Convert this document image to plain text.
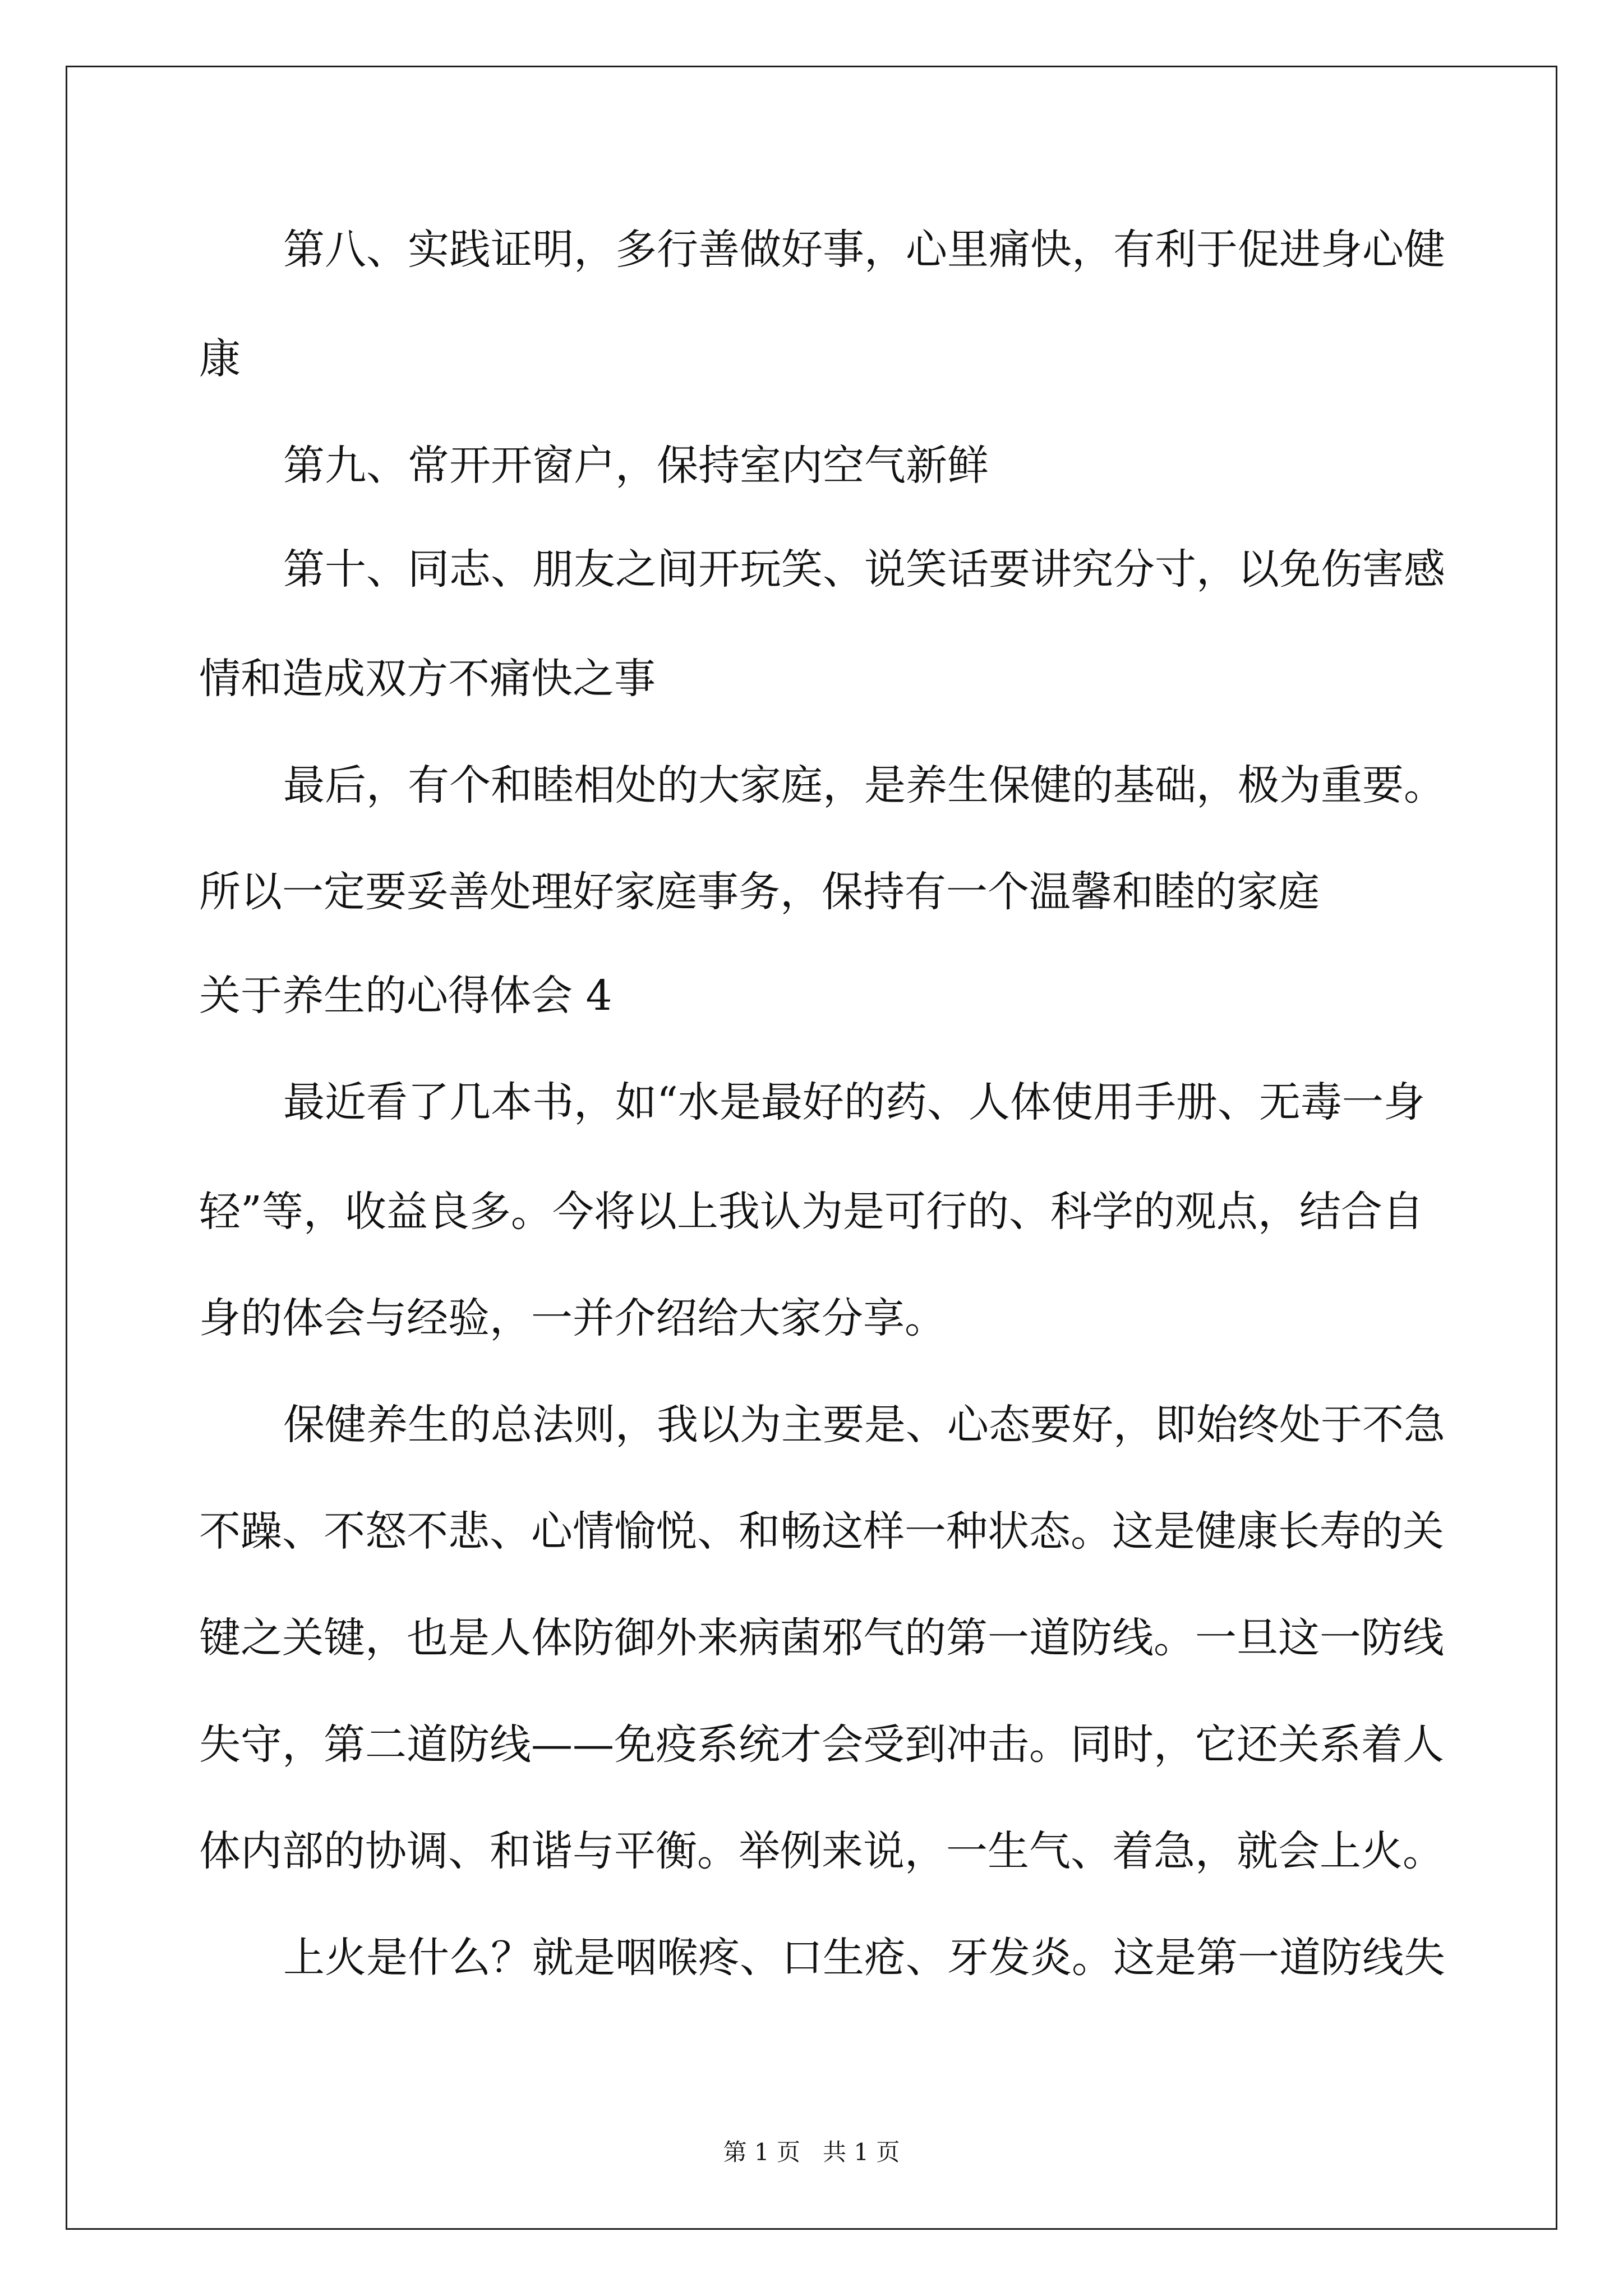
第八、实践证明，多行善做好事，心里痛快，有利于促进身心健
康
第九、常开开窗户，保持室内空气新鲜
第十、同志、朋友之间开玩笑、说笑话要讲究分寸，以免伤害感
情和造成双方不痛快之事
最后，有个和睦相处的大家庭，是养生保健的基础，极为重要。
所以一定要妥善处理好家庭事务，保持有一个温馨和睦的家庭
关于养生的心得体会 4
最近看了几本书，如“水是最好的药、人体使用手册、无毒一身
轻”等，收益良多。今将以上我认为是可行的、科学的观点，结合自
身的体会与经验，一并介绍给大家分享。
保健养生的总法则，我以为主要是、心态要好，即始终处于不急
不躁、不怒不悲、心情愉悦、和畅这样一种状态。这是健康长寿的关
键之关键，也是人体防御外来病菌邪气的第一道防线。一旦这一防线
失守，第二道防线——免疫系统才会受到冲击。同时，它还关系着人
体内部的协调、和谐与平衡。举例来说，一生气、着急，就会上火。
上火是什么？就是咽喉疼、口生疮、牙发炎。这是第一道防线失
第 1 页 共 1 页
